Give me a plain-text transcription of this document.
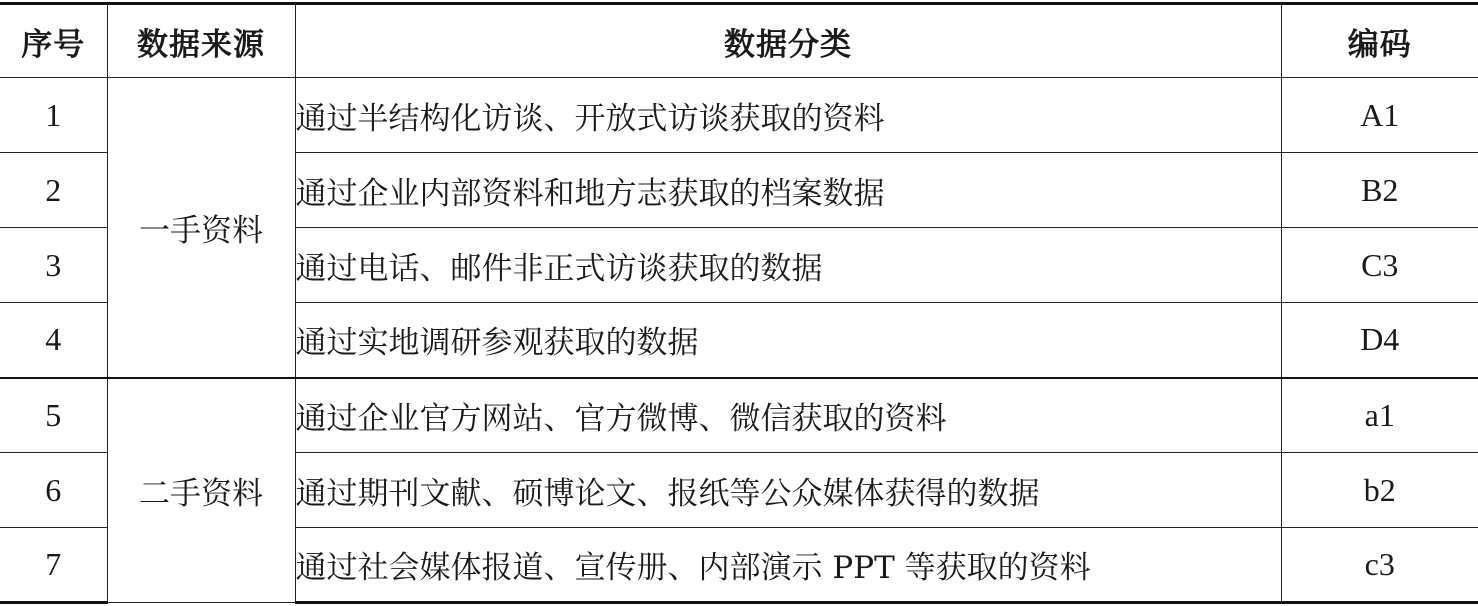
序号	数据来源	数据分类	编码
1	一手资料	通过半结构化访谈、开放式访谈获取的资料	A1
2		通过企业内部资料和地方志获取的档案数据	B2
3		通过电话、邮件非正式访谈获取的数据	C3
4		通过实地调研参观获取的数据	D4
5	二手资料	通过企业官方网站、官方微博、微信获取的资料	a1
6		通过期刊文献、硕博论文、报纸等公众媒体获得的数据	b2
7		通过社会媒体报道、宣传册、内部演示 PPT 等获取的资料	c3
